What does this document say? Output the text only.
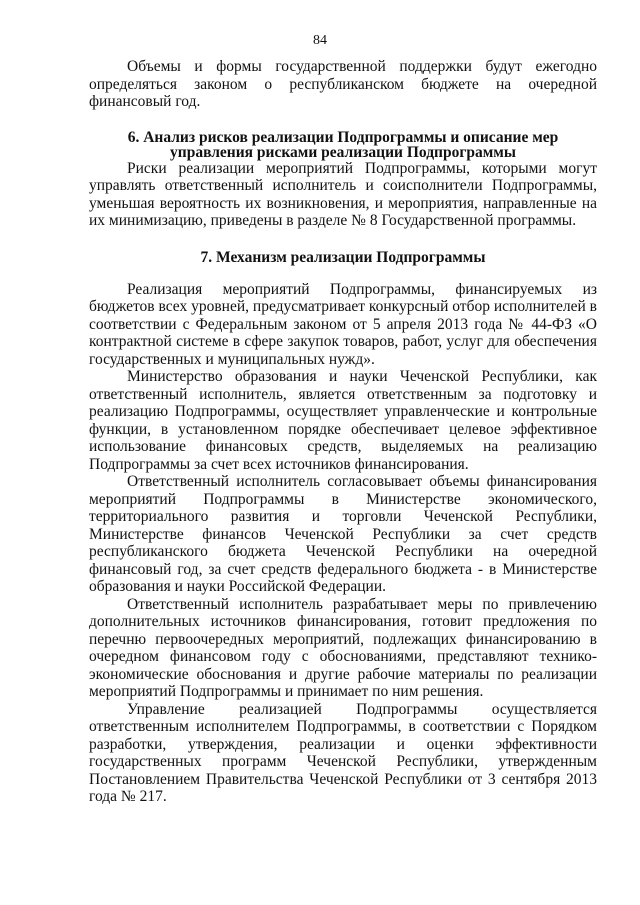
84

Объемы и формы государственной поддержки будут ежегодно определяться законом о республиканском бюджете на очередной финансовый год.

6. Анализ рисков реализации Подпрограммы и описание мер
управления рисками реализации Подпрограммы

Риски реализации мероприятий Подпрограммы, которыми могут управлять ответственный исполнитель и соисполнители Подпрограммы, уменьшая вероятность их возникновения, и мероприятия, направленные на их минимизацию, приведены в разделе № 8 Государственной программы.

7. Механизм реализации Подпрограммы

Реализация мероприятий Подпрограммы, финансируемых из бюджетов всех уровней, предусматривает конкурсный отбор исполнителей в соответствии с Федеральным законом от 5 апреля 2013 года № 44-ФЗ «О контрактной системе в сфере закупок товаров, работ, услуг для обеспечения государственных и муниципальных нужд».

Министерство образования и науки Чеченской Республики, как ответственный исполнитель, является ответственным за подготовку и реализацию Подпрограммы, осуществляет управленческие и контрольные функции, в установленном порядке обеспечивает целевое эффективное использование финансовых средств, выделяемых на реализацию Подпрограммы за счет всех источников финансирования.

Ответственный исполнитель согласовывает объемы финансирования мероприятий Подпрограммы в Министерстве экономического, территориального развития и торговли Чеченской Республики, Министерстве финансов Чеченской Республики за счет средств республиканского бюджета Чеченской Республики на очередной финансовый год, за счет средств федерального бюджета - в Министерстве образования и науки Российской Федерации.

Ответственный исполнитель разрабатывает меры по привлечению дополнительных источников финансирования, готовит предложения по перечню первоочередных мероприятий, подлежащих финансированию в очередном финансовом году с обоснованиями, представляют технико-экономические обоснования и другие рабочие материалы по реализации мероприятий Подпрограммы и принимает по ним решения.

Управление реализацией Подпрограммы осуществляется ответственным исполнителем Подпрограммы, в соответствии с Порядком разработки, утверждения, реализации и оценки эффективности государственных программ Чеченской Республики, утвержденным Постановлением Правительства Чеченской Республики от 3 сентября 2013 года № 217.
